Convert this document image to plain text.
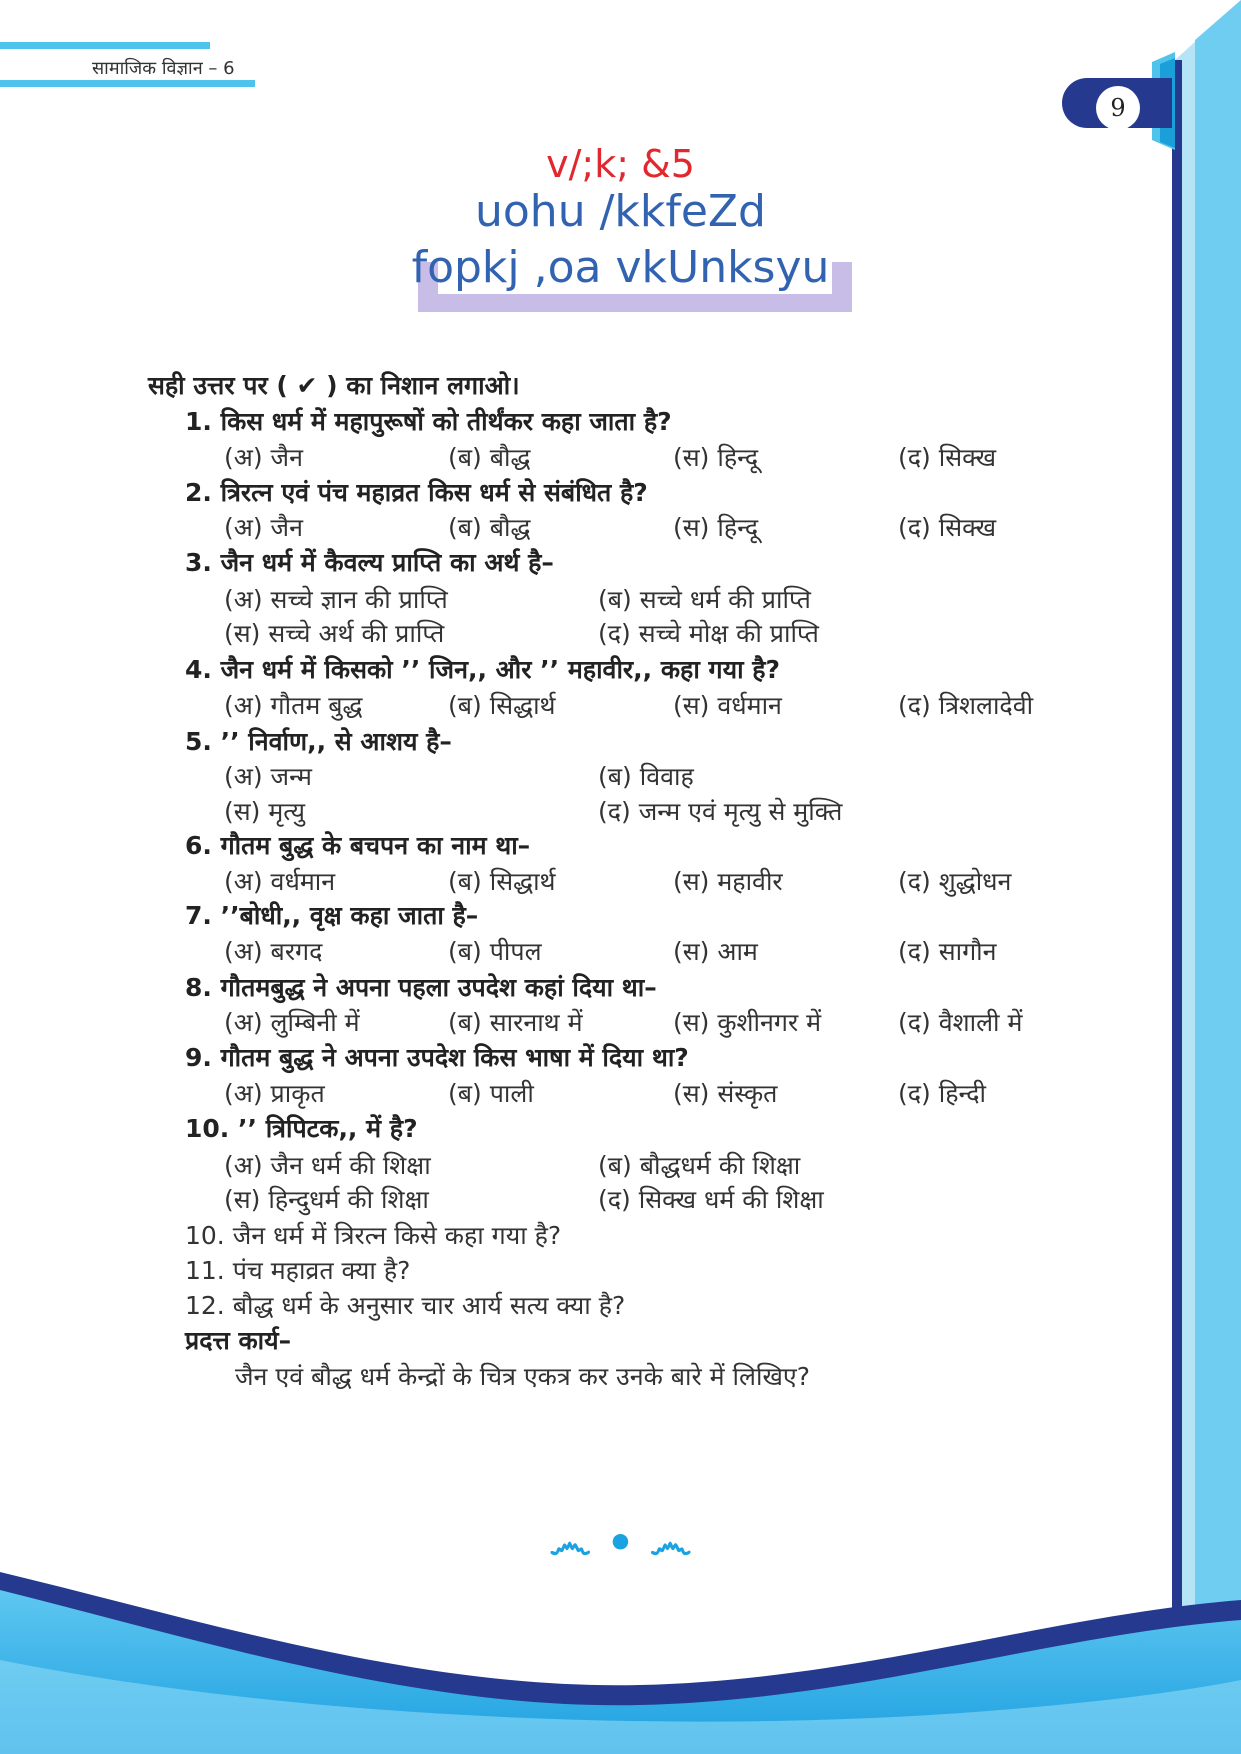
सामाजिक विज्ञान – 6
9
v/;k; &5
uohu /kkfeZd
fopkj ,oa vkUnksyu
सही उत्तर पर ( ✔ ) का निशान लगाओ।
1. किस धर्म में महापुरूषों को तीर्थंकर कहा जाता है?
(अ) जैन	(ब) बौद्ध	(स) हिन्दू	(द) सिक्ख
2. त्रिरत्न एवं पंच महाव्रत किस धर्म से संबंधित है?
(अ) जैन	(ब) बौद्ध	(स) हिन्दू	(द) सिक्ख
3. जैन धर्म में कैवल्य प्राप्ति का अर्थ है–
(अ) सच्चे ज्ञान की प्राप्ति	(ब) सच्चे धर्म की प्राप्ति
(स) सच्चे अर्थ की प्राप्ति	(द) सच्चे मोक्ष की प्राप्ति
4. जैन धर्म में किसको ’’ जिन,, और ’’ महावीर,, कहा गया है?
(अ) गौतम बुद्ध	(ब) सिद्धार्थ	(स) वर्धमान	(द) त्रिशलादेवी
5. ’’ निर्वाण,, से आशय है–
(अ) जन्म	(ब) विवाह
(स) मृत्यु	(द) जन्म एवं मृत्यु से मुक्ति
6. गौतम बुद्ध के बचपन का नाम था–
(अ) वर्धमान	(ब) सिद्धार्थ	(स) महावीर	(द) शुद्धोधन
7. ’’बोधी,, वृक्ष कहा जाता है–
(अ) बरगद	(ब) पीपल	(स) आम	(द) सागौन
8. गौतमबुद्ध ने अपना पहला उपदेश कहां दिया था–
(अ) लुम्बिनी में	(ब) सारनाथ में	(स) कुशीनगर में	(द) वैशाली में
9. गौतम बुद्ध ने अपना उपदेश किस भाषा में दिया था?
(अ) प्राकृत	(ब) पाली	(स) संस्कृत	(द) हिन्दी
10. ’’ त्रिपिटक,, में है?
(अ) जैन धर्म की शिक्षा	(ब) बौद्धधर्म की शिक्षा
(स) हिन्दुधर्म की शिक्षा	(द) सिक्ख धर्म की शिक्षा
10. जैन धर्म में त्रिरत्न किसे कहा गया है?
11. पंच महाव्रत क्या है?
12. बौद्ध धर्म के अनुसार चार आर्य सत्य क्या है?
प्रदत्त कार्य–
जैन एवं बौद्ध धर्म केन्द्रों के चित्र एकत्र कर उनके बारे में लिखिए?
෴ • ෴
